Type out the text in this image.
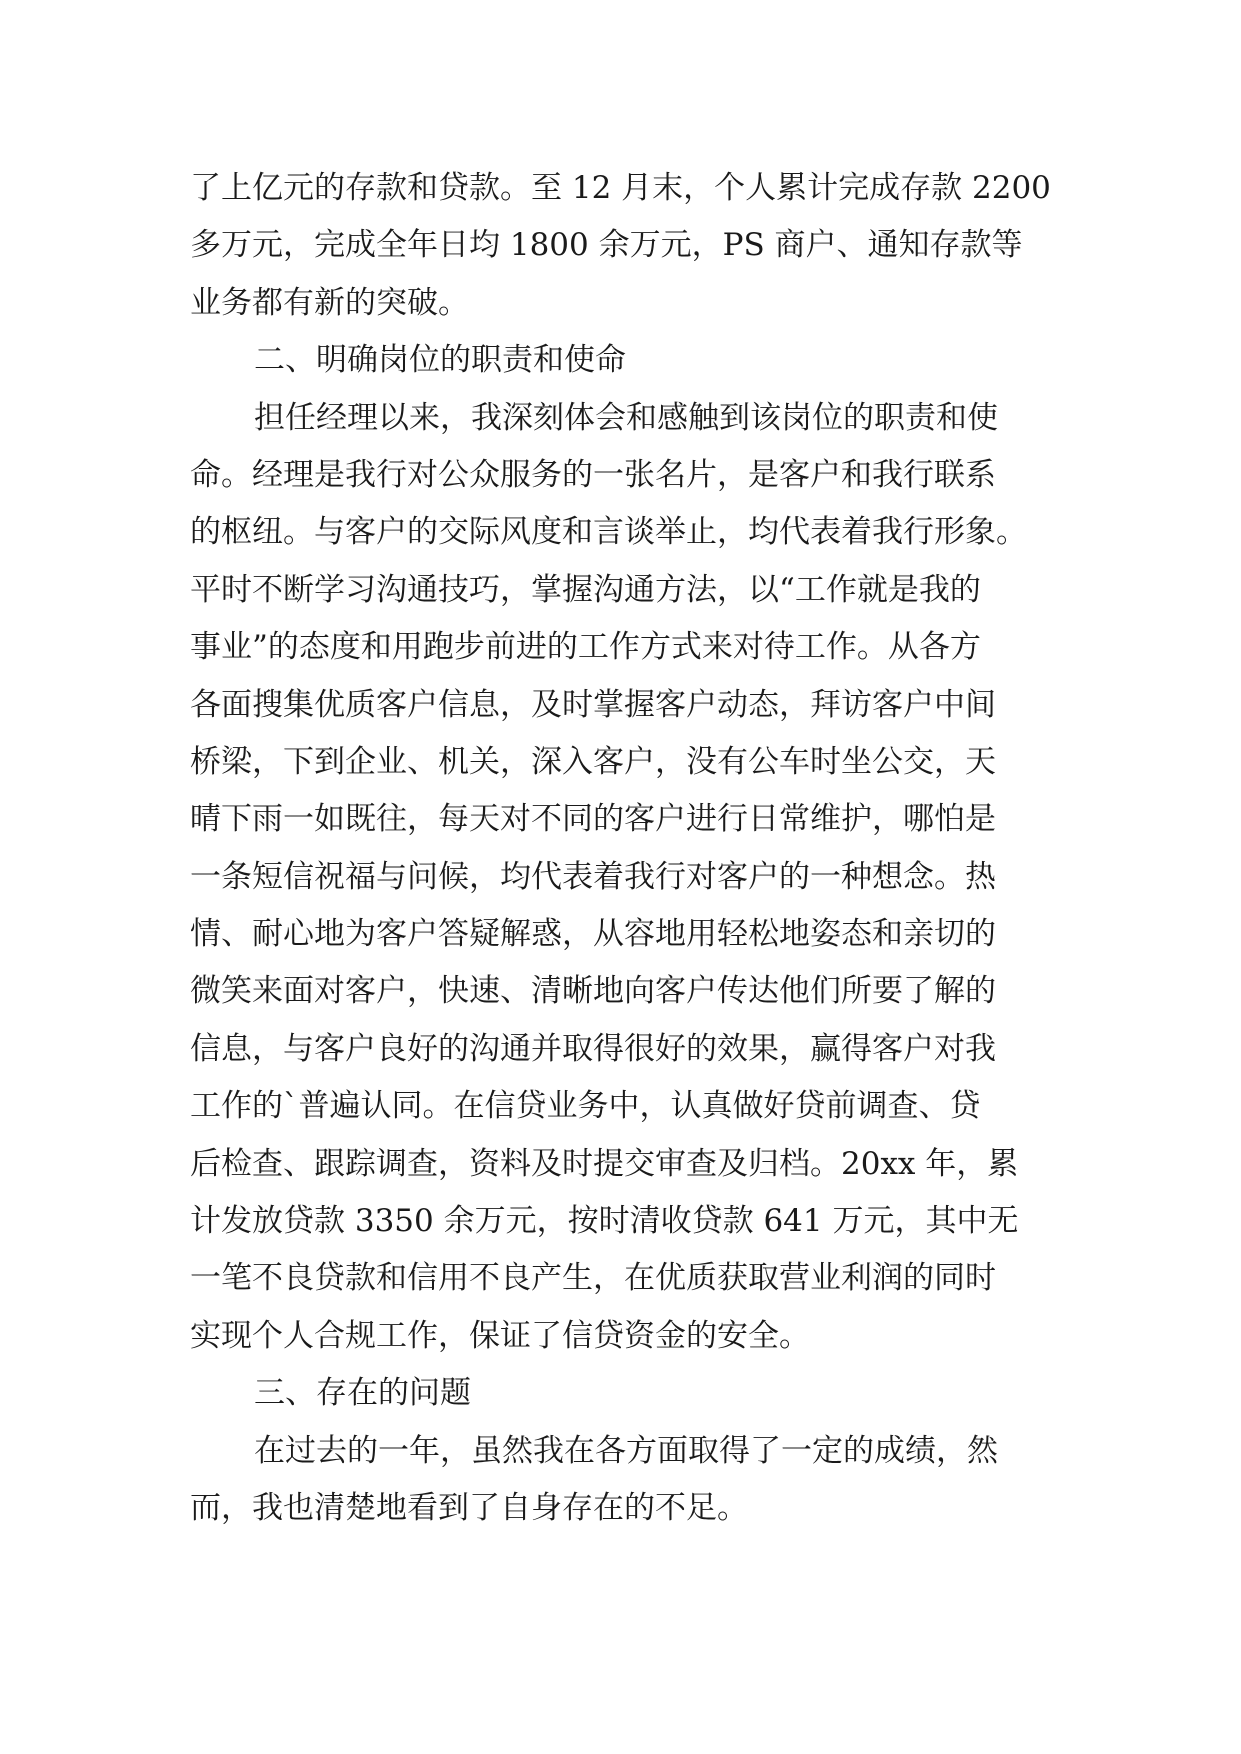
了上亿元的存款和贷款。至 12 月末，个人累计完成存款 2200
多万元，完成全年日均 1800 余万元，PS 商户、通知存款等
业务都有新的突破。
二、明确岗位的职责和使命
担任经理以来，我深刻体会和感触到该岗位的职责和使
命。经理是我行对公众服务的一张名片，是客户和我行联系
的枢纽。与客户的交际风度和言谈举止，均代表着我行形象。
平时不断学习沟通技巧，掌握沟通方法，以“工作就是我的
事业”的态度和用跑步前进的工作方式来对待工作。从各方
各面搜集优质客户信息，及时掌握客户动态，拜访客户中间
桥梁，下到企业、机关，深入客户，没有公车时坐公交，天
晴下雨一如既往，每天对不同的客户进行日常维护，哪怕是
一条短信祝福与问候，均代表着我行对客户的一种想念。热
情、耐心地为客户答疑解惑，从容地用轻松地姿态和亲切的
微笑来面对客户，快速、清晰地向客户传达他们所要了解的
信息，与客户良好的沟通并取得很好的效果，赢得客户对我
工作的`普遍认同。在信贷业务中，认真做好贷前调查、贷
后检查、跟踪调查，资料及时提交审查及归档。20xx 年，累
计发放贷款 3350 余万元，按时清收贷款 641 万元，其中无
一笔不良贷款和信用不良产生，在优质获取营业利润的同时
实现个人合规工作，保证了信贷资金的安全。
三、存在的问题
在过去的一年，虽然我在各方面取得了一定的成绩，然
而，我也清楚地看到了自身存在的不足。
